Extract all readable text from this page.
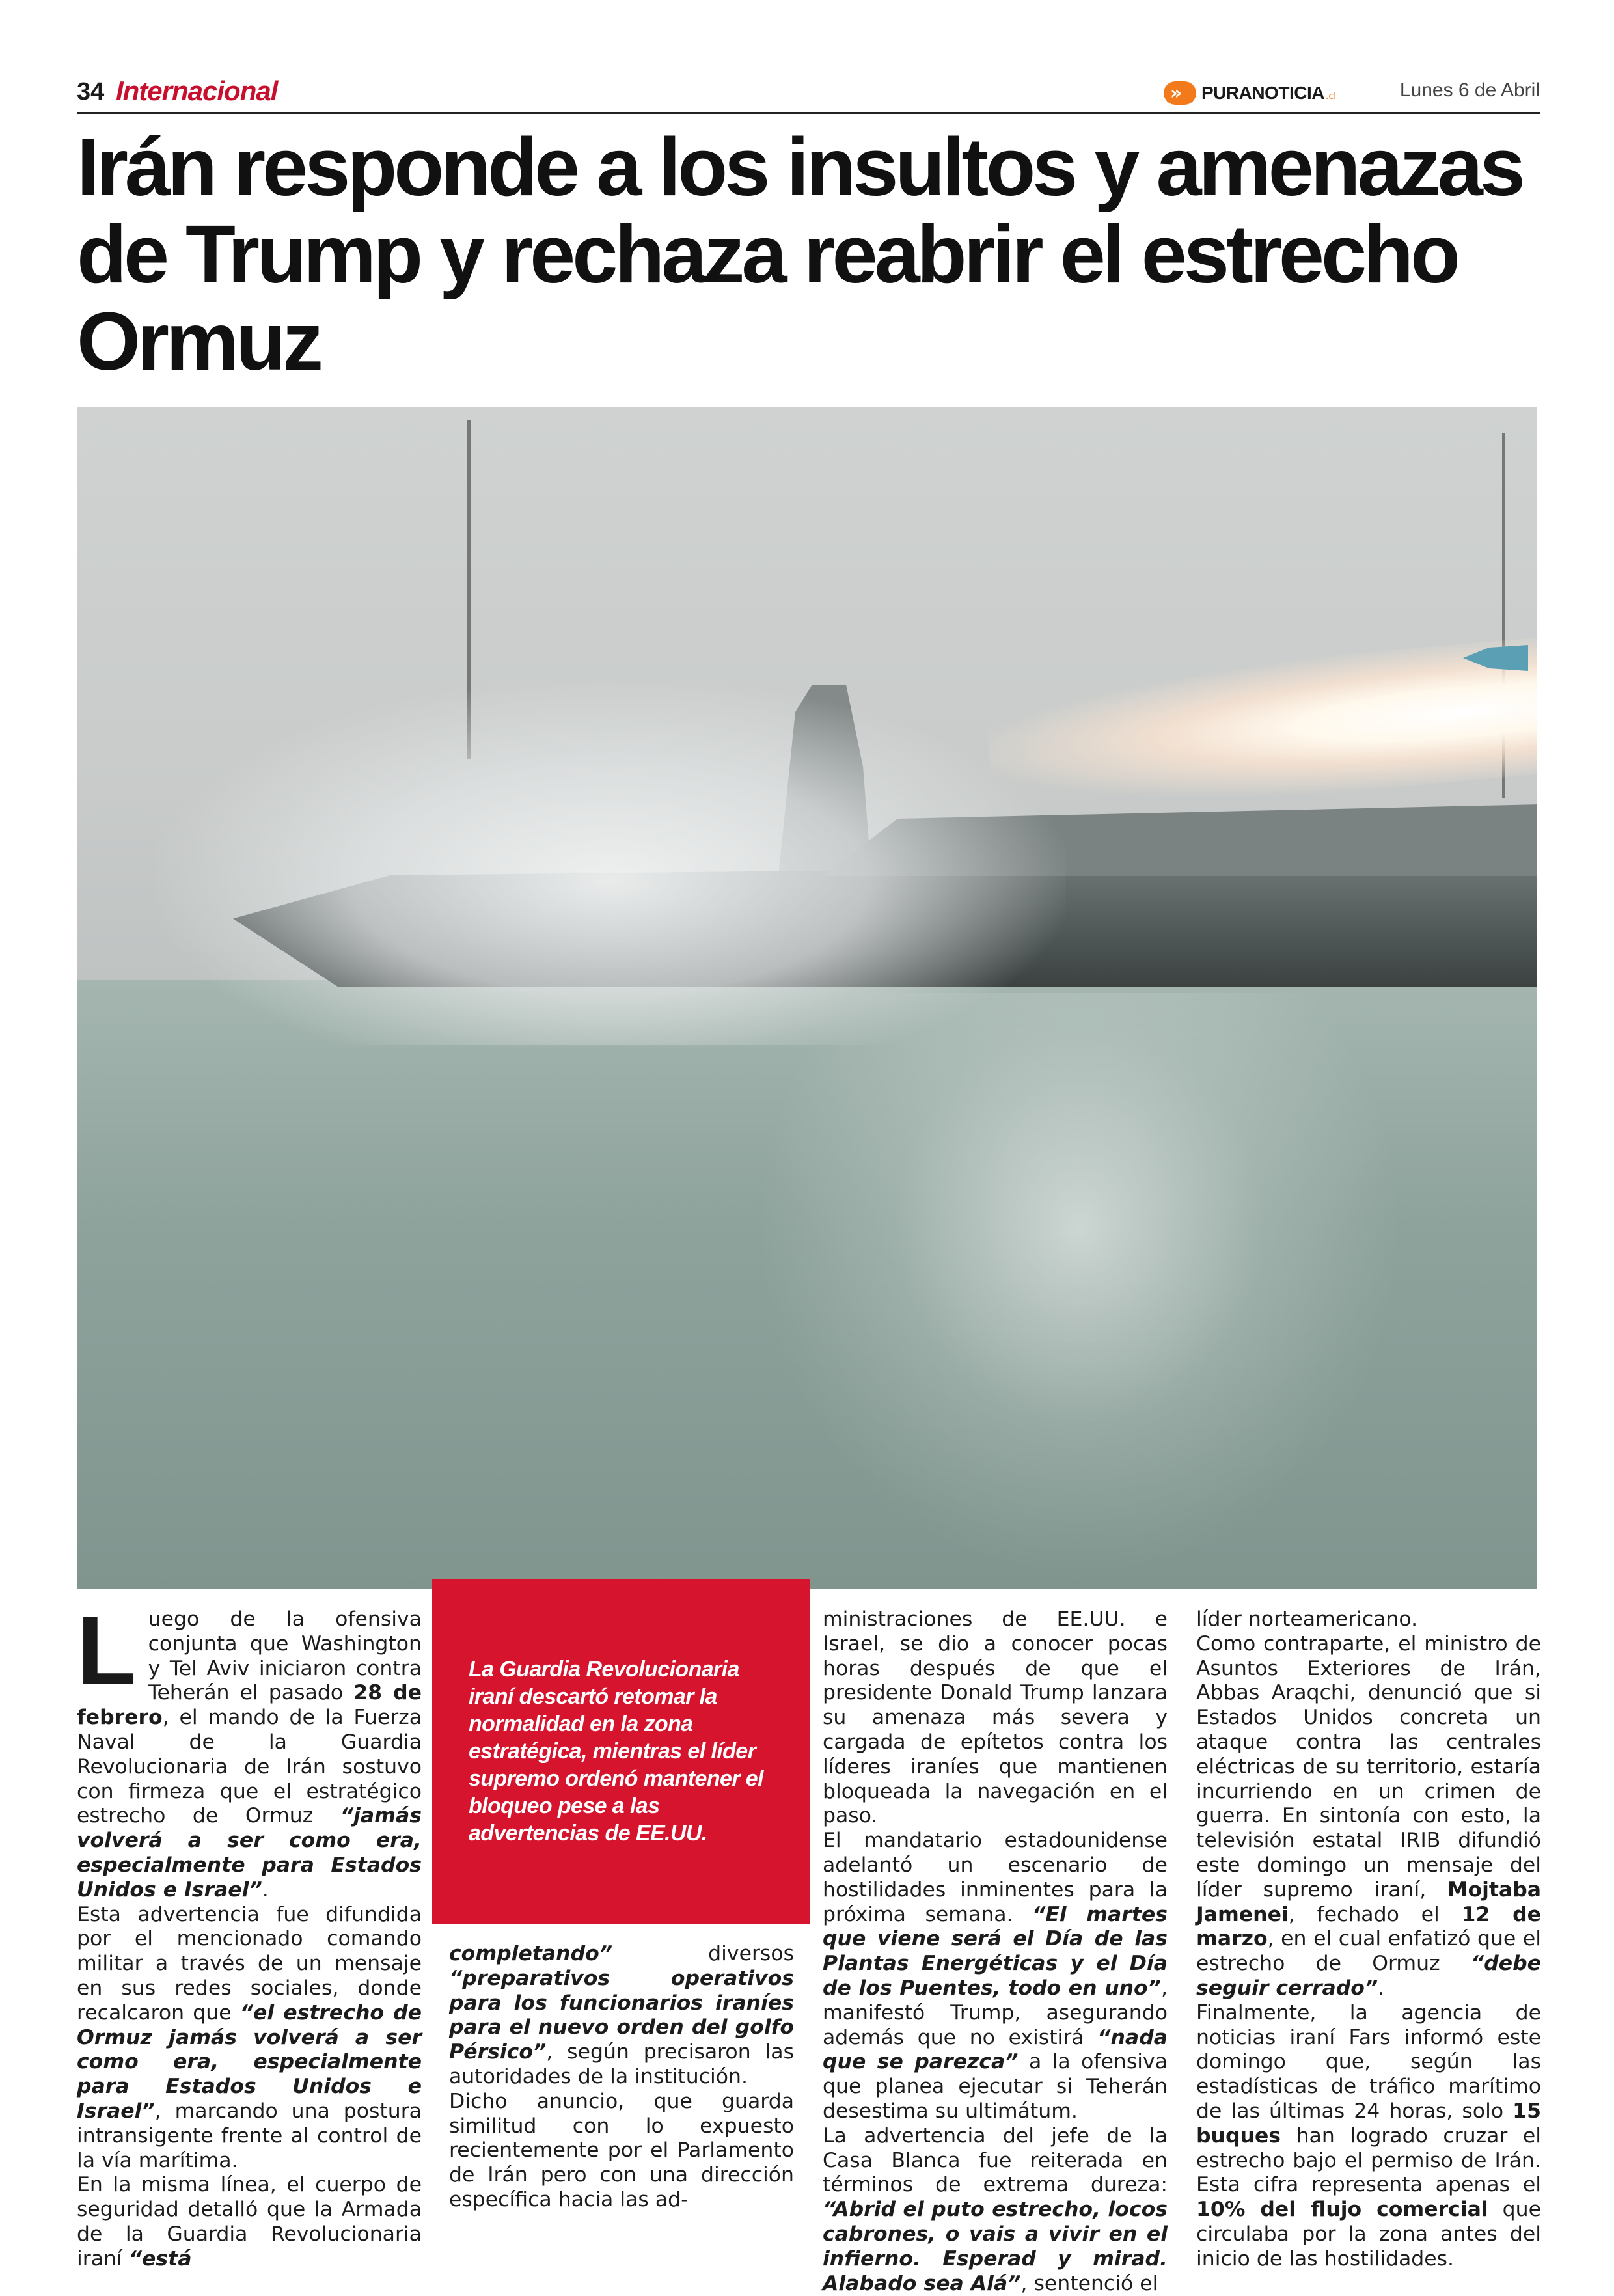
34 Internacional	» PURANOTICIA .cl	Lunes 6 de Abril
Irán responde a los insultos y amenazas de Trump y rechaza reabrir el estrecho Ormuz

Luego de la ofensiva conjunta que Washington y Tel Aviv iniciaron contra Teherán el pasado 28 de febrero, el mando de la Fuerza Naval de la Guardia Revolucionaria de Irán sostuvo con firmeza que el estratégico estrecho de Ormuz “jamás volverá a ser como era, especialmente para Estados Unidos e Israel”.

Esta advertencia fue difundida por el mencionado comando militar a través de un mensaje en sus redes sociales, donde recalcaron que “el estrecho de Ormuz jamás volverá a ser como era, especialmente para Estados Unidos e Israel”, marcando una postura intransigente frente al control de la vía marítima.

En la misma línea, el cuerpo de seguridad detalló que la Armada de la Guardia Revolucionaria iraní “está

La Guardia Revolucionaria iraní descartó retomar la normalidad en la zona estratégica, mientras el líder supremo ordenó mantener el bloqueo pese a las advertencias de EE.UU.

completando” diversos “preparativos operativos para los funcionarios iraníes para el nuevo orden del golfo Pérsico”, según precisaron las autoridades de la institución.

Dicho anuncio, que guarda similitud con lo expuesto recientemente por el Parlamento de Irán pero con una dirección específica hacia las ad-

ministraciones de EE.UU. e Israel, se dio a conocer pocas horas después de que el presidente Donald Trump lanzara su amenaza más severa y cargada de epítetos contra los líderes iraníes que mantienen bloqueada la navegación en el paso.

El mandatario estadounidense adelantó un escenario de hostilidades inminentes para la próxima semana. “El martes que viene será el Día de las Plantas Energéticas y el Día de los Puentes, todo en uno”, manifestó Trump, asegurando además que no existirá “nada que se parezca” a la ofensiva que planea ejecutar si Teherán desestima su ultimátum.

La advertencia del jefe de la Casa Blanca fue reiterada en términos de extrema dureza: “Abrid el puto estrecho, locos cabrones, o vais a vivir en el infierno. Esperad y mirad. Alabado sea Alá”, sentenció el

líder norteamericano.

Como contraparte, el ministro de Asuntos Exteriores de Irán, Abbas Araqchi, denunció que si Estados Unidos concreta un ataque contra las centrales eléctricas de su territorio, estaría incurriendo en un crimen de guerra. En sintonía con esto, la televisión estatal IRIB difundió este domingo un mensaje del líder supremo iraní, Mojtaba Jamenei, fechado el 12 de marzo, en el cual enfatizó que el estrecho de Ormuz “debe seguir cerrado”.

Finalmente, la agencia de noticias iraní Fars informó este domingo que, según las estadísticas de tráfico marítimo de las últimas 24 horas, solo 15 buques han logrado cruzar el estrecho bajo el permiso de Irán. Esta cifra representa apenas el 10% del flujo comercial que circulaba por la zona antes del inicio de las hostilidades.
